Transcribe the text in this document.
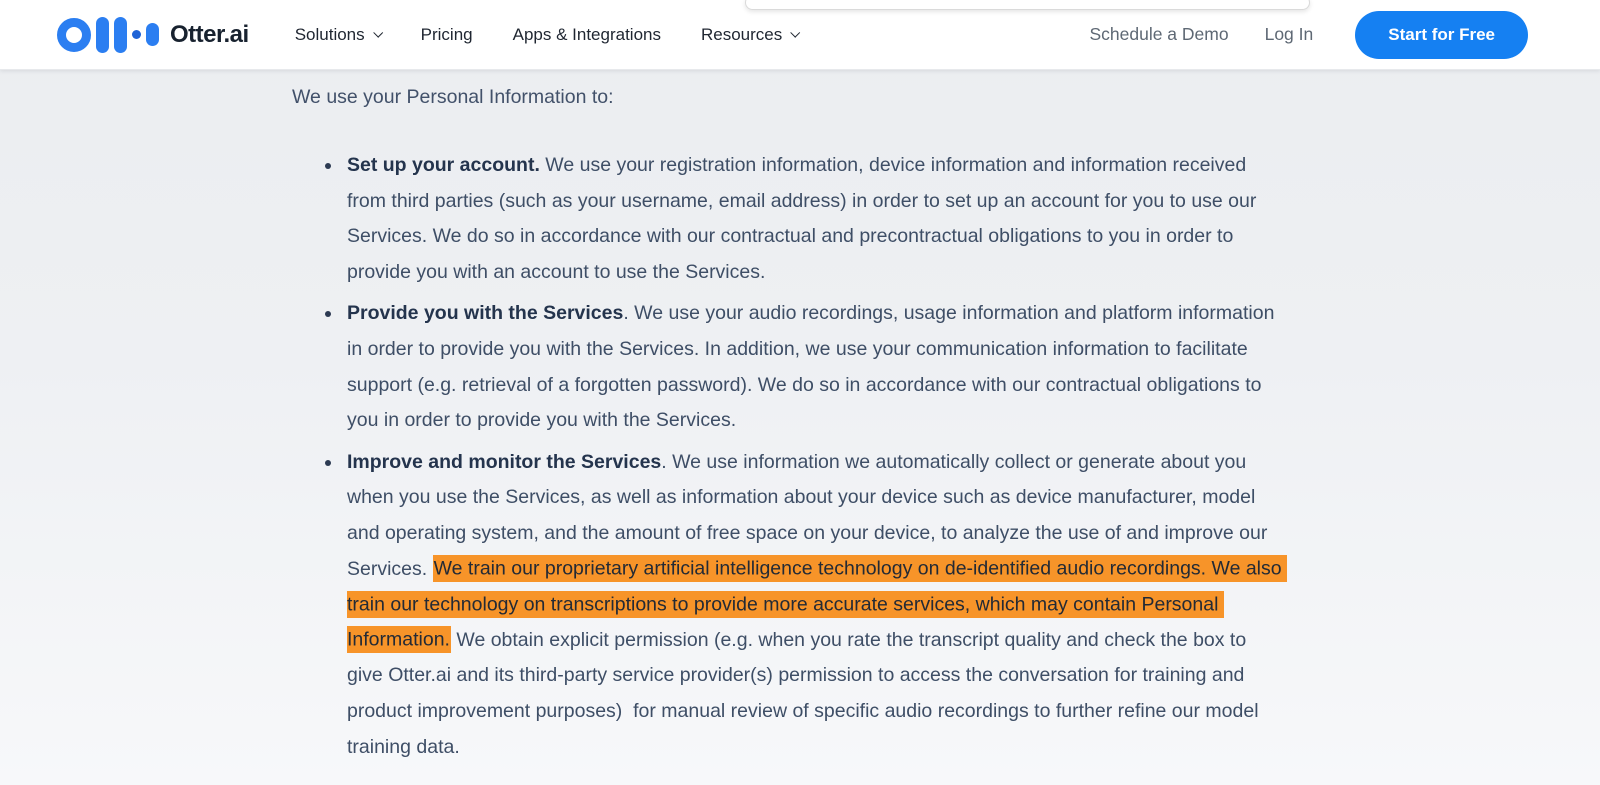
Otter.ai	Solutions	Pricing Apps & Integrations Resources	Schedule a Demo Log In	Start for Free

We use your Personal Information to:

Set up your account. We use your registration information, device information and information received from third parties (such as your username, email address) in order to set up an account for you to use our Services. We do so in accordance with our contractual and precontractual obligations to you in order to provide you with an account to use the Services.
Provide you with the Services. We use your audio recordings, usage information and platform information in order to provide you with the Services. In addition, we use your communication information to facilitate support (e.g. retrieval of a forgotten password). We do so in accordance with our contractual obligations to you in order to provide you with the Services.
Improve and monitor the Services. We use information we automatically collect or generate about you when you use the Services, as well as information about your device such as device manufacturer, model and operating system, and the amount of free space on your device, to analyze the use of and improve our Services. We train our proprietary artificial intelligence technology on de-identified audio recordings. We also train our technology on transcriptions to provide more accurate services, which may contain Personal Information. We obtain explicit permission (e.g. when you rate the transcript quality and check the box to give Otter.ai and its third-party service provider(s) permission to access the conversation for training and product improvement purposes)  for manual review of specific audio recordings to further refine our model training data.
